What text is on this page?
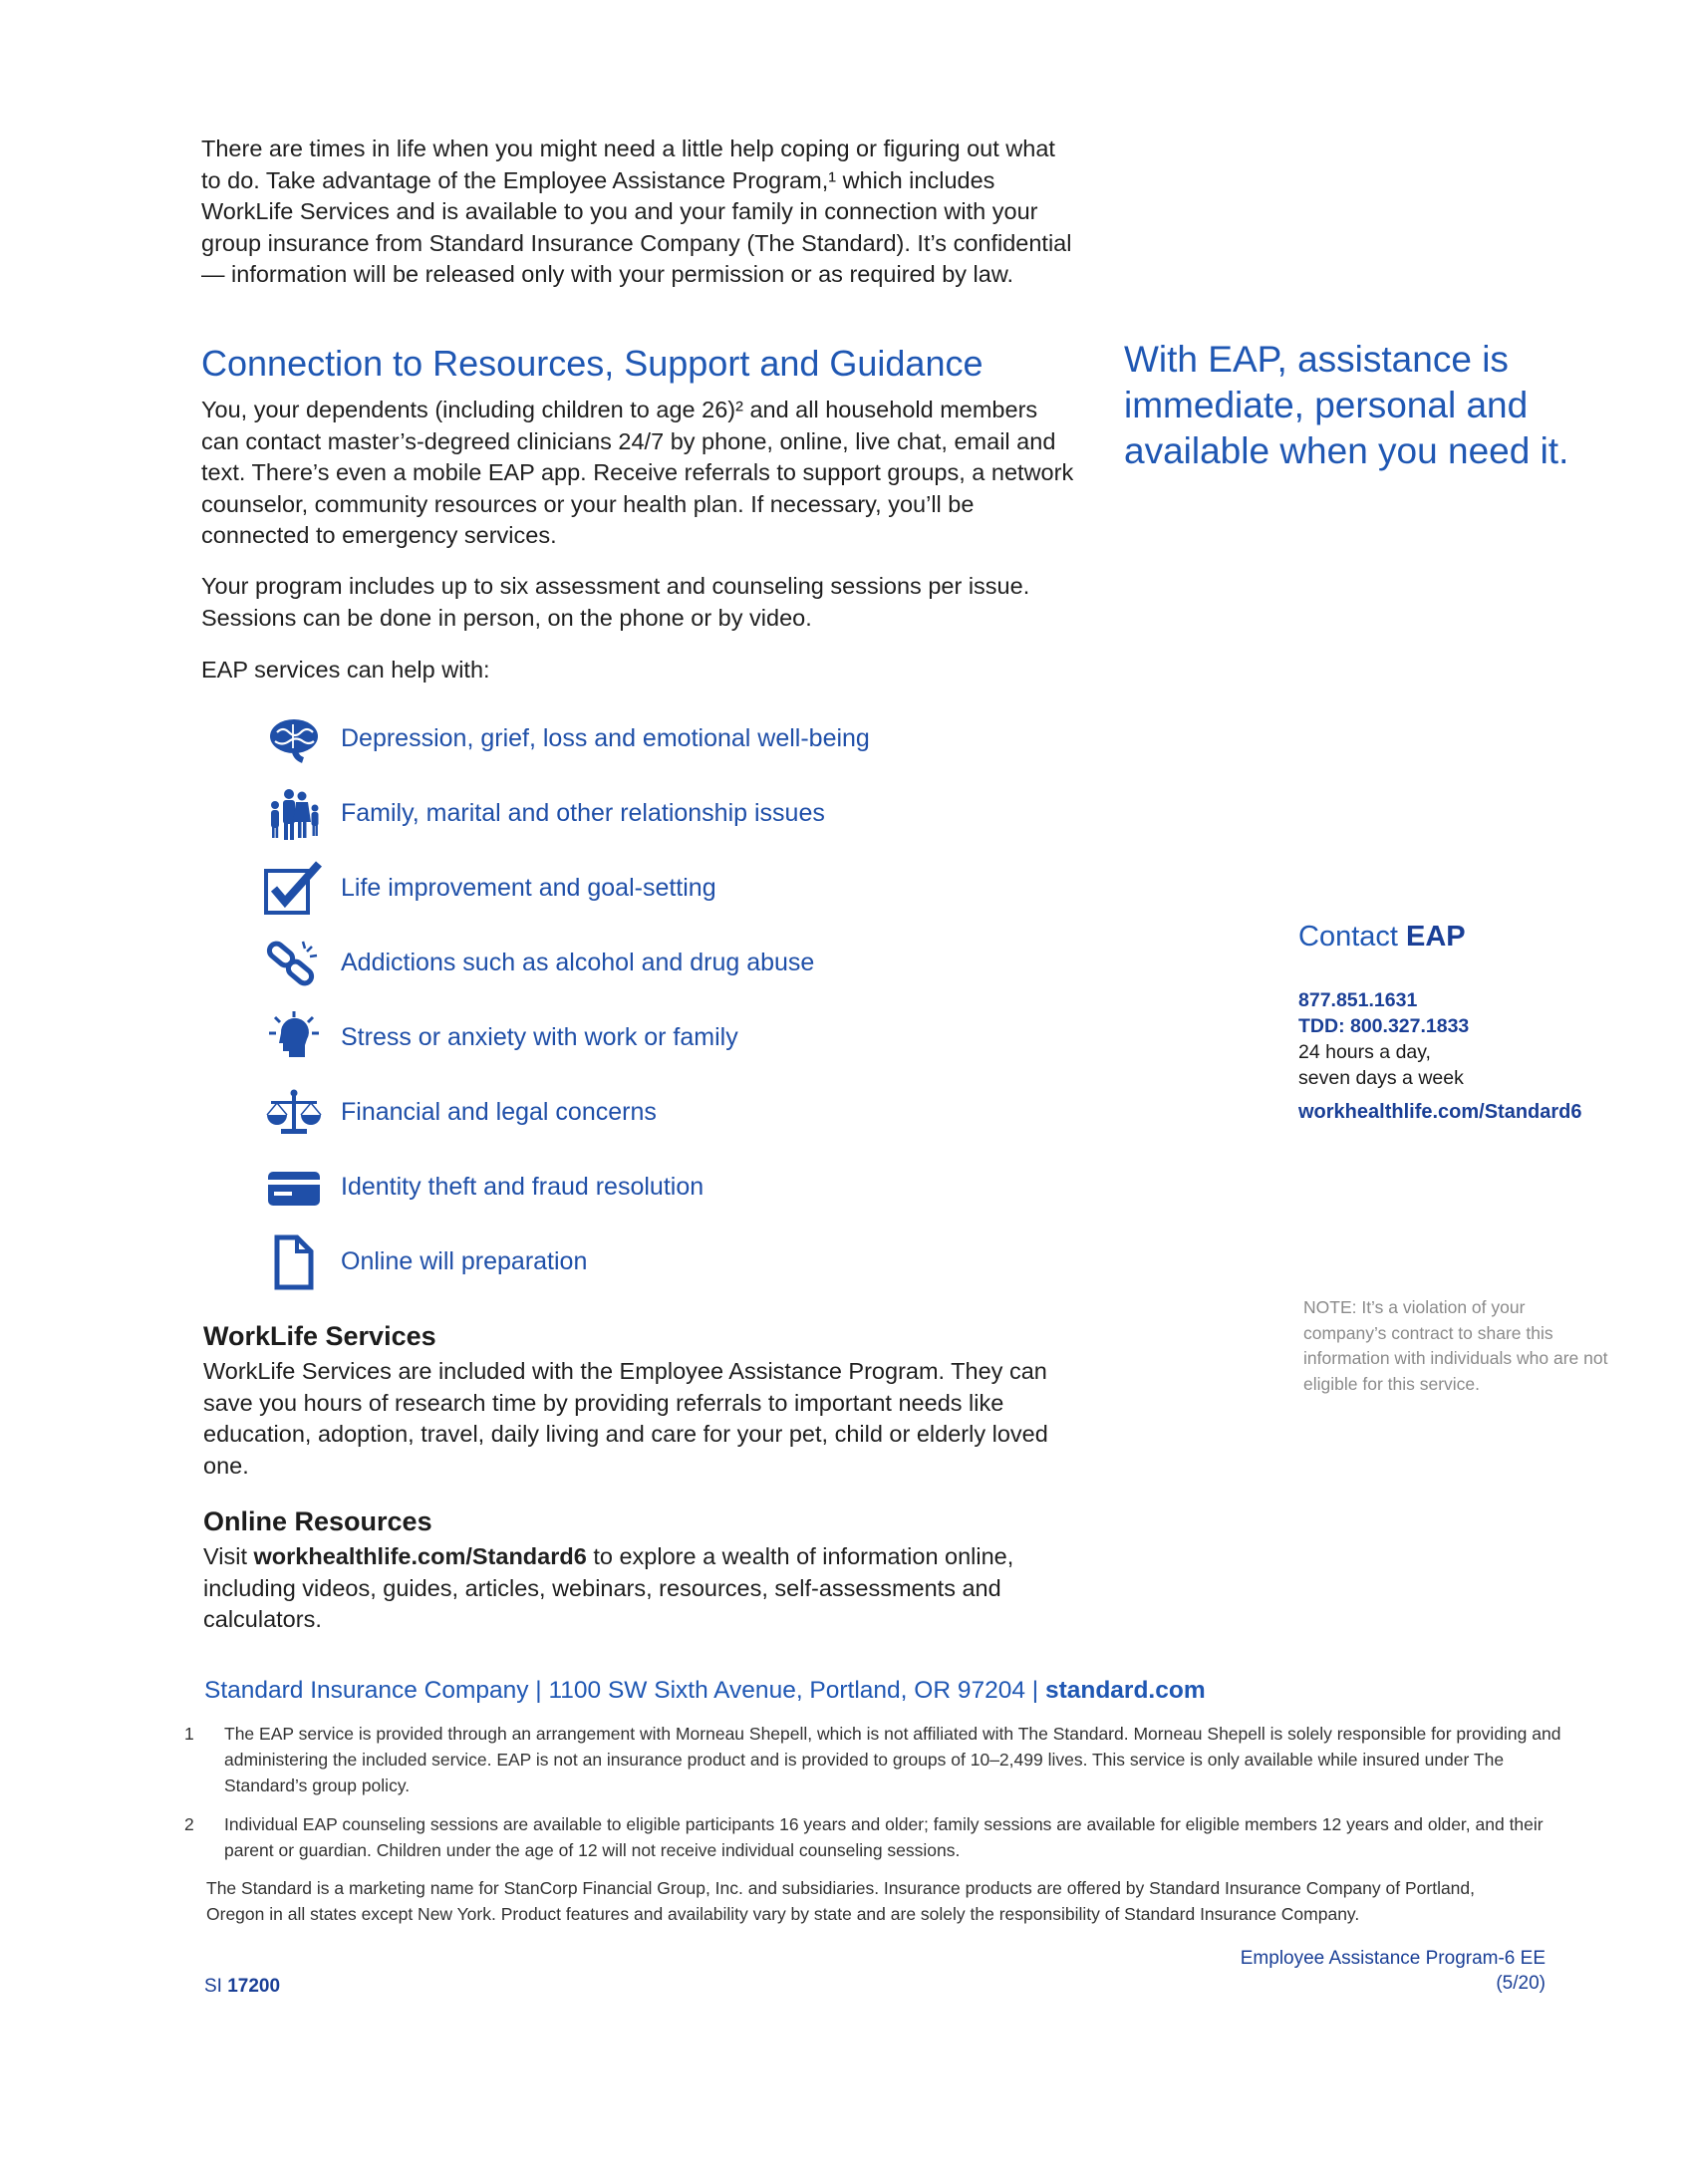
There are times in life when you might need a little help coping or figuring out what to do. Take advantage of the Employee Assistance Program,¹ which includes WorkLife Services and is available to you and your family in connection with your group insurance from Standard Insurance Company (The Standard). It’s confidential — information will be released only with your permission or as required by law.

Connection to Resources, Support and Guidance

You, your dependents (including children to age 26)² and all household members can contact master’s-degreed clinicians 24/7 by phone, online, live chat, email and text. There’s even a mobile EAP app. Receive referrals to support groups, a network counselor, community resources or your health plan. If necessary, you’ll be connected to emergency services.

Your program includes up to six assessment and counseling sessions per issue. Sessions can be done in person, on the phone or by video.

EAP services can help with:

With EAP, assistance is immediate, personal and available when you need it.
Depression, grief, loss and emotional well-being
Family, marital and other relationship issues
Life improvement and goal-setting
Addictions such as alcohol and drug abuse
Stress or anxiety with work or family
Financial and legal concerns
Identity theft and fraud resolution
Online will preparation
WorkLife Services

WorkLife Services are included with the Employee Assistance Program. They can save you hours of research time by providing referrals to important needs like education, adoption, travel, daily living and care for your pet, child or elderly loved one.

Online Resources

Visit workhealthlife.com/Standard6 to explore a wealth of information online, including videos, guides, articles, webinars, resources, self-assessments and calculators.

Contact EAP
877.851.1631
TDD: 800.327.1833
24 hours a day,
seven days a week
workhealthlife.com/Standard6
NOTE: It’s a violation of your company’s contract to share this information with individuals who are not eligible for this service.
Standard Insurance Company | 1100 SW Sixth Avenue, Portland, OR 97204 | standard.com
1 The EAP service is provided through an arrangement with Morneau Shepell, which is not affiliated with The Standard. Morneau Shepell is solely responsible for providing and administering the included service. EAP is not an insurance product and is provided to groups of 10–2,499 lives. This service is only available while insured under The Standard’s group policy.
2 Individual EAP counseling sessions are available to eligible participants 16 years and older; family sessions are available for eligible members 12 years and older, and their parent or guardian. Children under the age of 12 will not receive individual counseling sessions.
The Standard is a marketing name for StanCorp Financial Group, Inc. and subsidiaries. Insurance products are offered by Standard Insurance Company of Portland, Oregon in all states except New York. Product features and availability vary by state and are solely the responsibility of Standard Insurance Company.
SI 17200
Employee Assistance Program-6 EE
(5/20)
